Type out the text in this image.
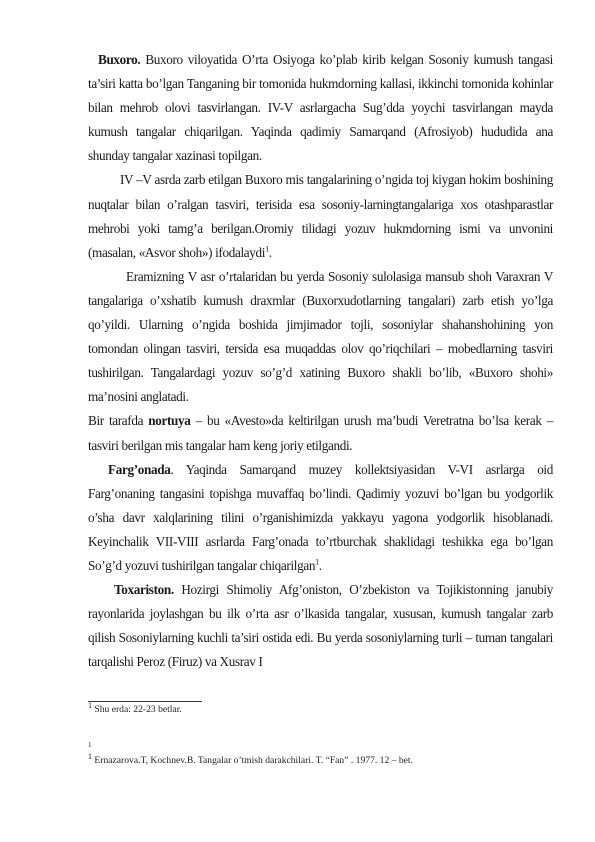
Buxoro. Buxoro viloyatida O’rta Osiyoga ko’plab kirib kelgan Sosoniy kumush tangasi ta’siri katta bo’lgan Tanganing bir tomonida hukmdorning kallasi, ikkinchi tomonida kohinlar bilan mehrob olovi tasvirlangan. IV-V asrlargacha Sug’dda yoychi tasvirlangan mayda kumush tangalar chiqarilgan. Yaqinda qadimiy Samarqand (Afrosiyob) hududida ana shunday tangalar xazinasi topilgan.

IV –V asrda zarb etilgan Buxoro mis tangalarining o’ngida toj kiygan hokim boshining nuqtalar bilan o’ralgan tasviri, terisida esa sosoniy-larningtangalariga xos otashparastlar mehrobi yoki tamg’a berilgan.Oromiy tilidagi yozuv hukmdorning ismi va unvonini (masalan, «Asvor shoh») ifodalaydi$^1$.

Eramizning V asr o’rtalaridan bu yerda Sosoniy sulolasiga mansub shoh Varaxran V tangalariga o’xshatib kumush draxmlar (Buxorxudotlarning tangalari) zarb etish yo’lga qo’yildi. Ularning o’ngida boshida jimjimador tojli, sosoniylar shahanshohining yon tomondan olingan tasviri, tersida esa muqaddas olov qo’riqchilari – mobedlarning tasviri tushirilgan. Tangalardagi yozuv so’g’d xatining Buxoro shakli bo’lib, «Buxoro shohi» ma’nosini anglatadi.

Bir tarafda nortuya – bu «Avesto»da keltirilgan urush ma’budi Veretratna bo’lsa kerak – tasviri berilgan mis tangalar ham keng joriy etilgandi.

Farg’onada. Yaqinda Samarqand muzey kollektsiyasidan V-VI asrlarga oid Farg’onaning tangasini topishga muvaffaq bo’lindi. Qadimiy yozuvi bo’lgan bu yodgorlik o’sha davr xalqlarining tilini o’rganishimizda yakkayu yagona yodgorlik hisoblanadi. Keyinchalik VII-VIII asrlarda Farg’onada to’rtburchak shaklidagi teshikka ega bo’lgan So’g’d yozuvi tushirilgan tangalar chiqarilgan$^1$.

Toxariston. Hozirgi Shimoliy Afg’oniston, O’zbekiston va Tojikistonning janubiy rayonlarida joylashgan bu ilk o’rta asr o’lkasida tangalar, xususan, kumush tangalar zarb qilish Sosoniylarning kuchli ta’siri ostida edi. Bu yerda sosoniylarning turli – tuman tangalari tarqalishi Peroz (Firuz) va Xusrav I

$^1$ Shu erda: 22-23 betlar.
1
$^1$ Ernazarova.T, Kochnev.B. Tangalar o’tmish darakchilari. T. “Fan” . 1977. 12 – bet.
